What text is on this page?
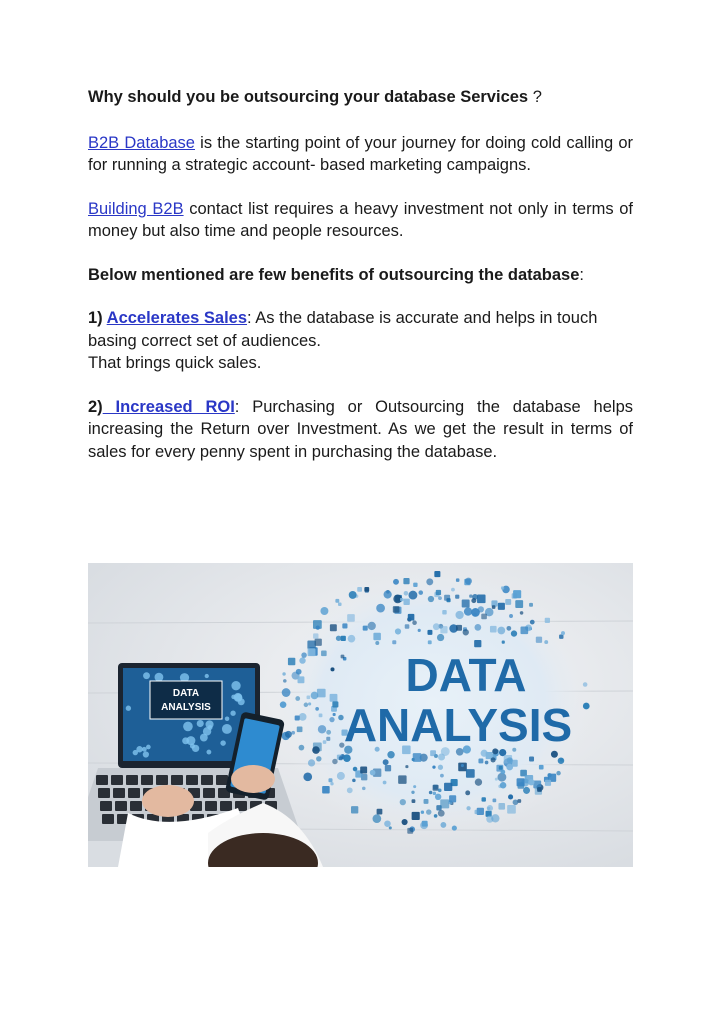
Why should you be outsourcing your database Services ?

B2B Database is the starting point of your journey for doing cold calling or for running a strategic account- based marketing campaigns.

Building B2B contact list requires a heavy investment not only in terms of money but also time and people resources.

Below mentioned are few benefits of outsourcing the database:

1) Accelerates Sales: As the database is accurate and helps in touch basing correct set of audiences.
That brings quick sales.

2) Increased ROI: Purchasing or Outsourcing the database helps increasing the Return over Investment. As we get the result in terms of sales for every penny spent in purchasing the database.

DATA
ANALYSIS
DATA
ANALYSIS
